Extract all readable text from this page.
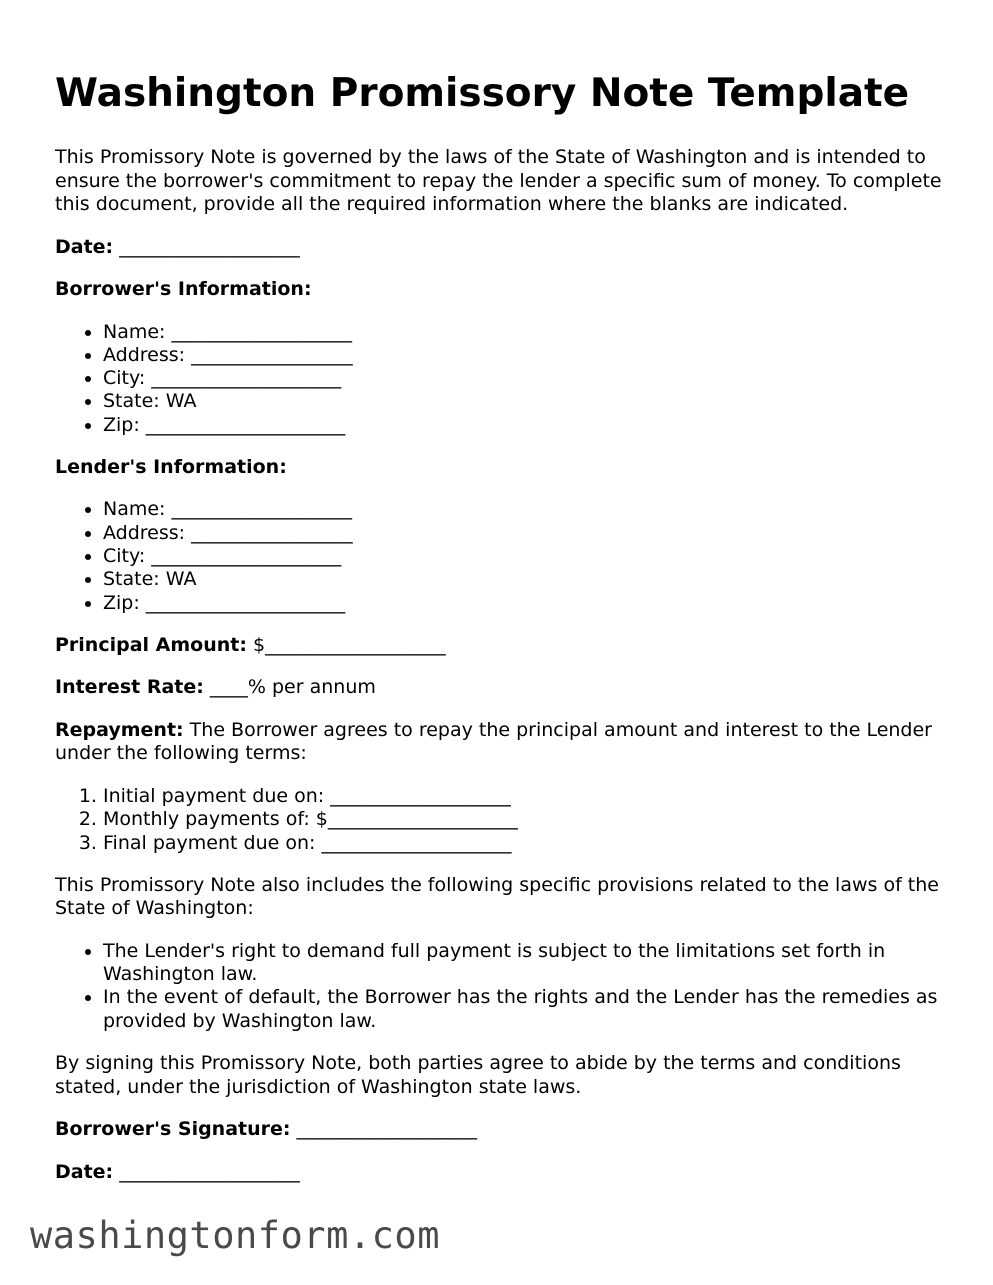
Washington Promissory Note Template

This Promissory Note is governed by the laws of the State of Washington and is intended to ensure the borrower's commitment to repay the lender a specific sum of money. To complete this document, provide all the required information where the blanks are indicated.

Date: ___________________

Borrower's Information:

• Name: ___________________
• Address: _________________
• City: ____________________
• State: WA
• Zip: _____________________

Lender's Information:

• Name: ___________________
• Address: _________________
• City: ____________________
• State: WA
• Zip: _____________________

Principal Amount: $___________________

Interest Rate: ____% per annum

Repayment: The Borrower agrees to repay the principal amount and interest to the Lender under the following terms:

1. Initial payment due on: ___________________
2. Monthly payments of: $____________________
3. Final payment due on: ____________________

This Promissory Note also includes the following specific provisions related to the laws of the State of Washington:

• The Lender's right to demand full payment is subject to the limitations set forth in Washington law.
• In the event of default, the Borrower has the rights and the Lender has the remedies as provided by Washington law.

By signing this Promissory Note, both parties agree to abide by the terms and conditions stated, under the jurisdiction of Washington state laws.

Borrower's Signature: ___________________

Date: ___________________

washingtonform.com
